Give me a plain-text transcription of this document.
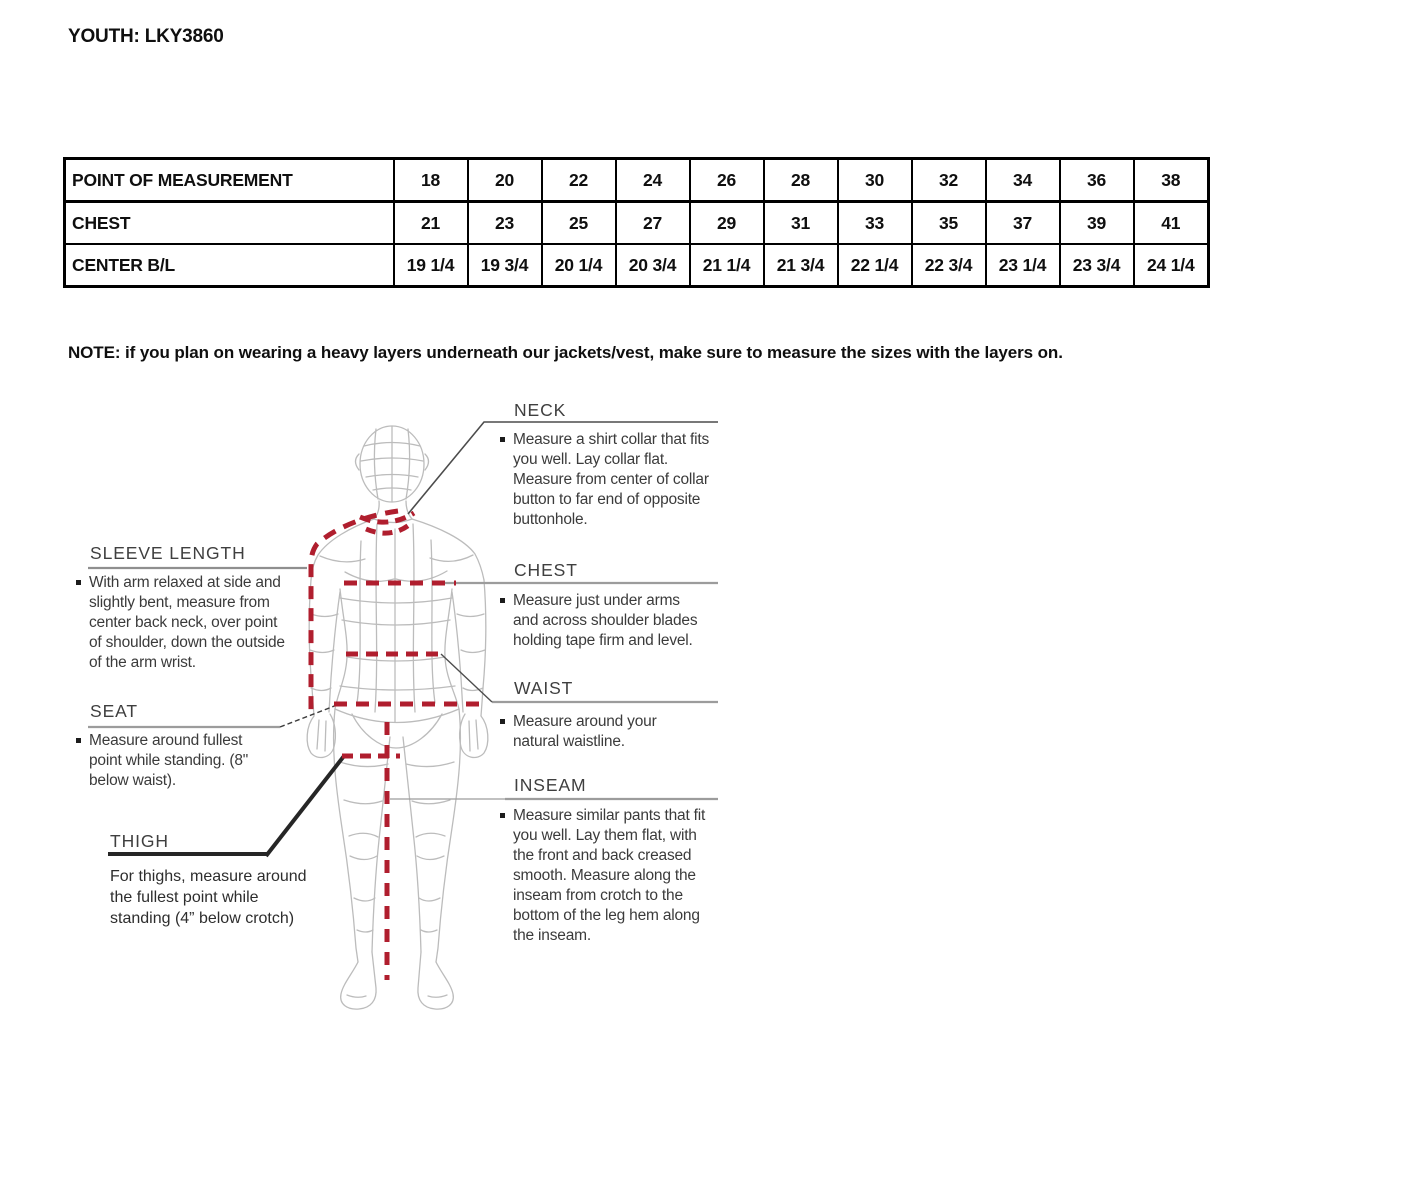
YOUTH: LKY3860
POINT OF MEASUREMENT	18	20	22	24	26	28	30	32	34	36	38
CHEST	21	23	25	27	29	31	33	35	37	39	41
CENTER B/L	19 1/4	19 3/4	20 1/4	20 3/4	21 1/4	21 3/4	22 1/4	22 3/4	23 1/4	23 3/4	24 1/4
NOTE: if you plan on wearing a heavy layers underneath our jackets/vest, make sure to measure the sizes with the layers on.
SLEEVE LENGTH
With arm relaxed at side and slightly bent, measure from center back neck, over point of shoulder, down the outside of the arm wrist.
SEAT
Measure around fullest point while standing. (8" below waist).
THIGH
For thighs, measure around the fullest point while standing (4” below crotch)
NECK
Measure a shirt collar that fits you well. Lay collar flat. Measure from center of collar button to far end of opposite buttonhole.
CHEST
Measure just under arms and across shoulder blades holding tape firm and level.
WAIST
Measure around your natural waistline.
INSEAM
Measure similar pants that fit you well. Lay them flat, with the front and back creased smooth. Measure along the inseam from crotch to the bottom of the leg hem along the inseam.
